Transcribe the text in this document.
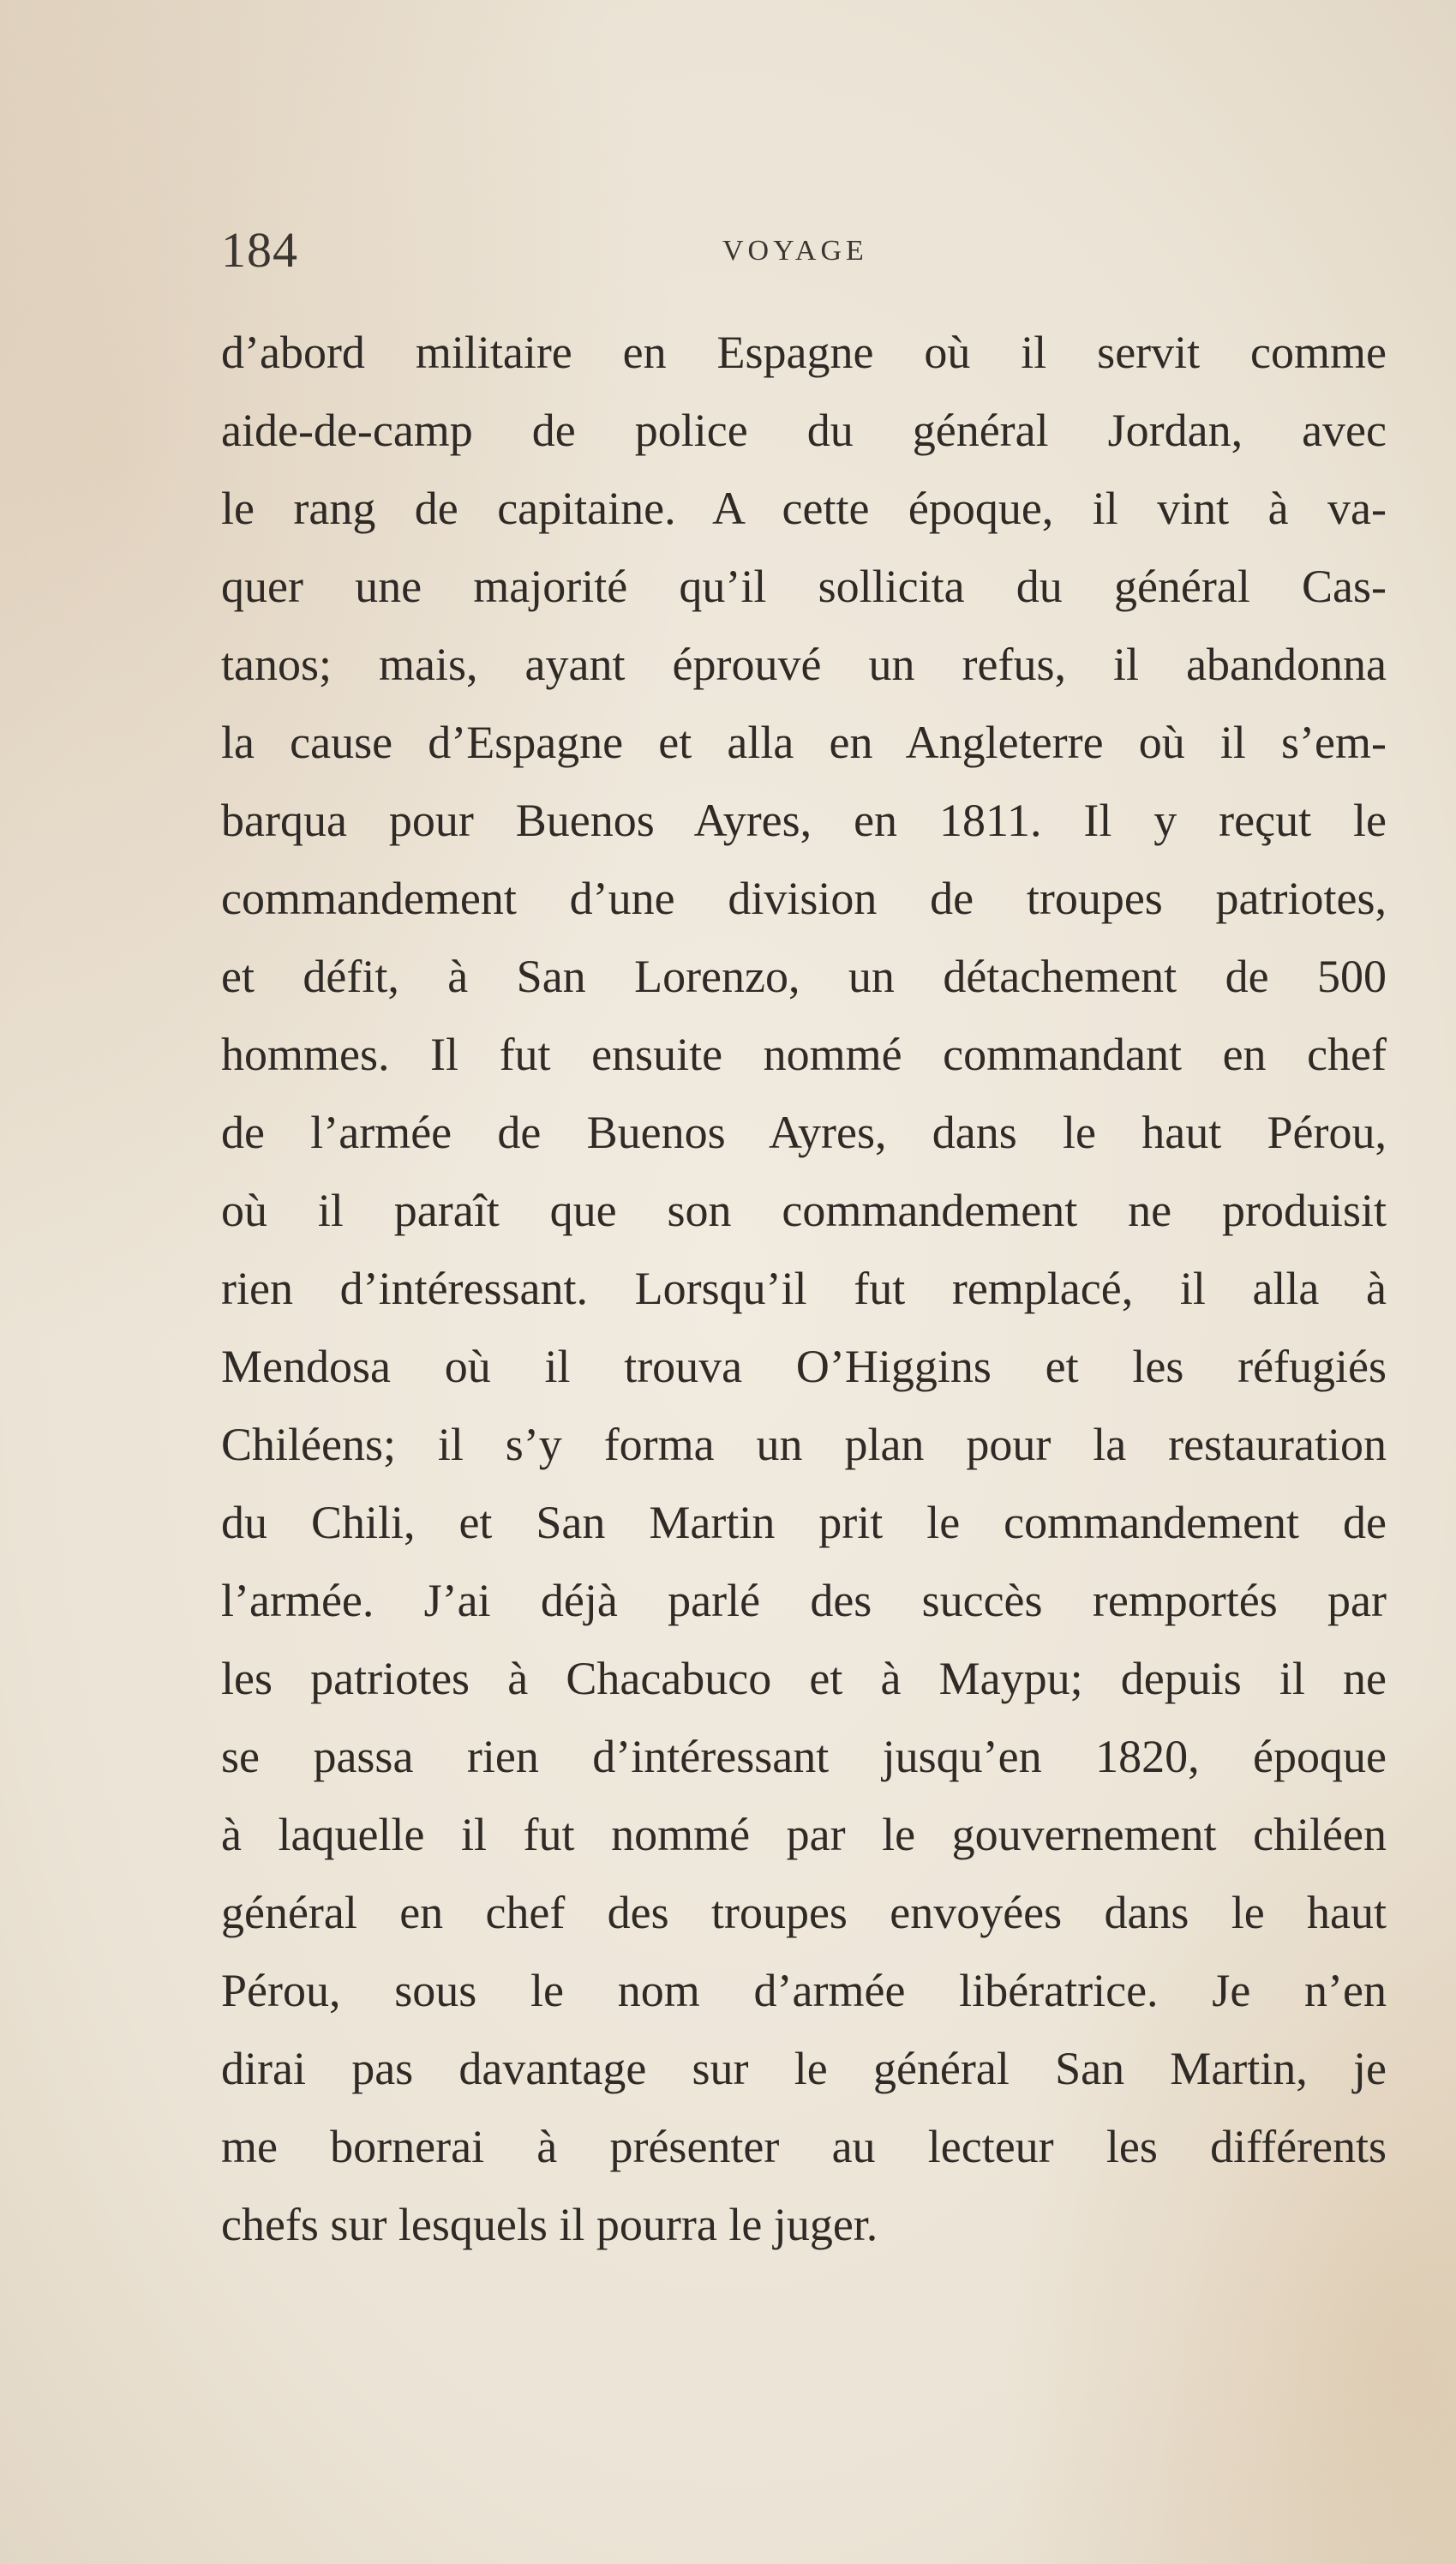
184	VOYAGE
d’abord militaire en Espagne où il servit comme
aide-de-camp de police du général Jordan, avec
le rang de capitaine. A cette époque, il vint à va-
quer une majorité qu’il sollicita du général Cas-
tanos; mais, ayant éprouvé un refus, il abandonna
la cause d’Espagne et alla en Angleterre où il s’em-
barqua pour Buenos Ayres, en 1811. Il y reçut le
commandement d’une division de troupes patriotes,
et défit, à San Lorenzo, un détachement de 500
hommes. Il fut ensuite nommé commandant en chef
de l’armée de Buenos Ayres, dans le haut Pérou,
où il paraît que son commandement ne produisit
rien d’intéressant. Lorsqu’il fut remplacé, il alla à
Mendosa où il trouva O’Higgins et les réfugiés
Chiléens; il s’y forma un plan pour la restauration
du Chili, et San Martin prit le commandement de
l’armée. J’ai déjà parlé des succès remportés par
les patriotes à Chacabuco et à Maypu; depuis il ne
se passa rien d’intéressant jusqu’en 1820, époque
à laquelle il fut nommé par le gouvernement chiléen
général en chef des troupes envoyées dans le haut
Pérou, sous le nom d’armée libératrice. Je n’en
dirai pas davantage sur le général San Martin, je
me bornerai à présenter au lecteur les différents
chefs sur lesquels il pourra le juger.
